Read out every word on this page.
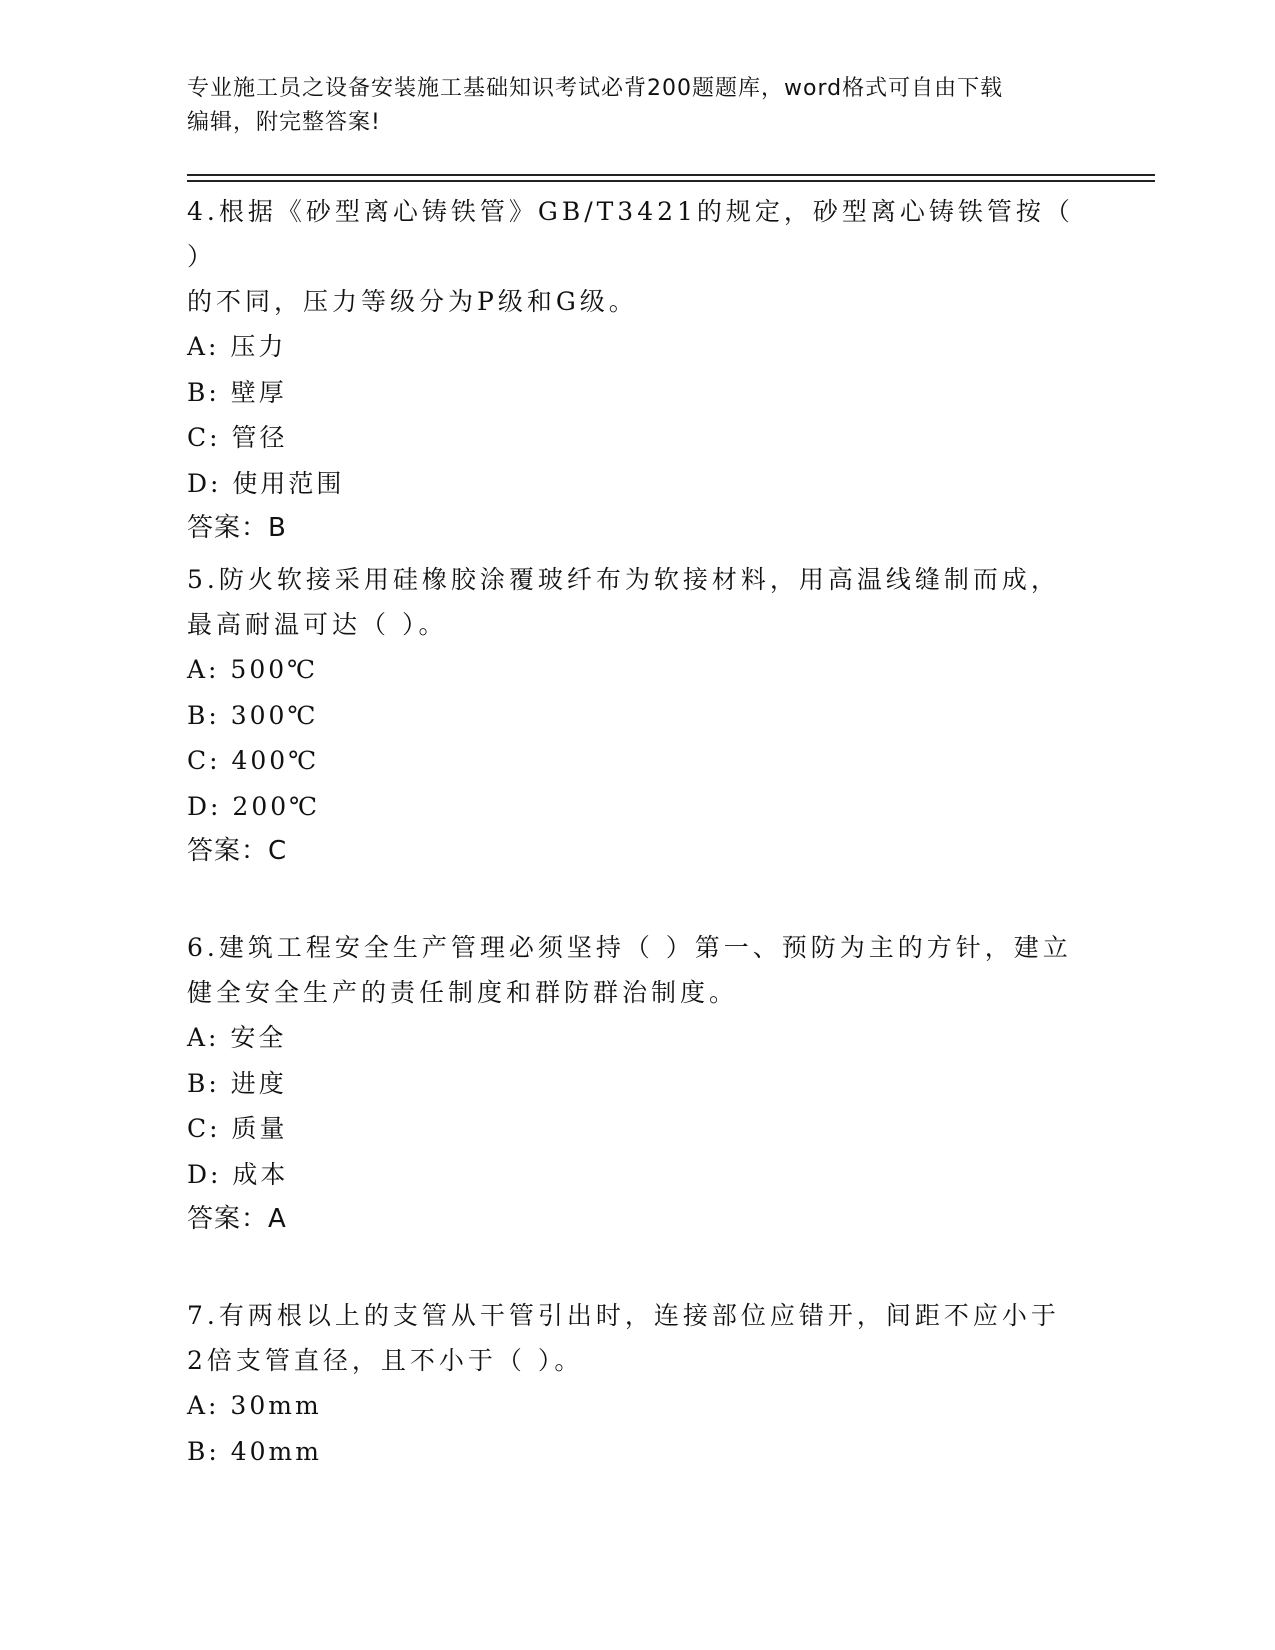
专业施工员之设备安装施工基础知识考试必背200题题库，word格式可自由下载
编辑，附完整答案!
4.根据《砂型离心铸铁管》GB/T3421的规定，砂型离心铸铁管按（ ）
的不同，压力等级分为P级和G级。
A: 压力
B: 壁厚
C: 管径
D: 使用范围
答案：B
5.防火软接采用硅橡胶涂覆玻纤布为软接材料，用高温线缝制而成，
最高耐温可达（ ）。
A: 500℃
B: 300℃
C: 400℃
D: 200℃
答案：C
6.建筑工程安全生产管理必须坚持（ ）第一、预防为主的方针，建立
健全安全生产的责任制度和群防群治制度。
A: 安全
B: 进度
C: 质量
D: 成本
答案：A
7.有两根以上的支管从干管引出时，连接部位应错开，间距不应小于
2倍支管直径，且不小于（ ）。
A: 30mm
B: 40mm
